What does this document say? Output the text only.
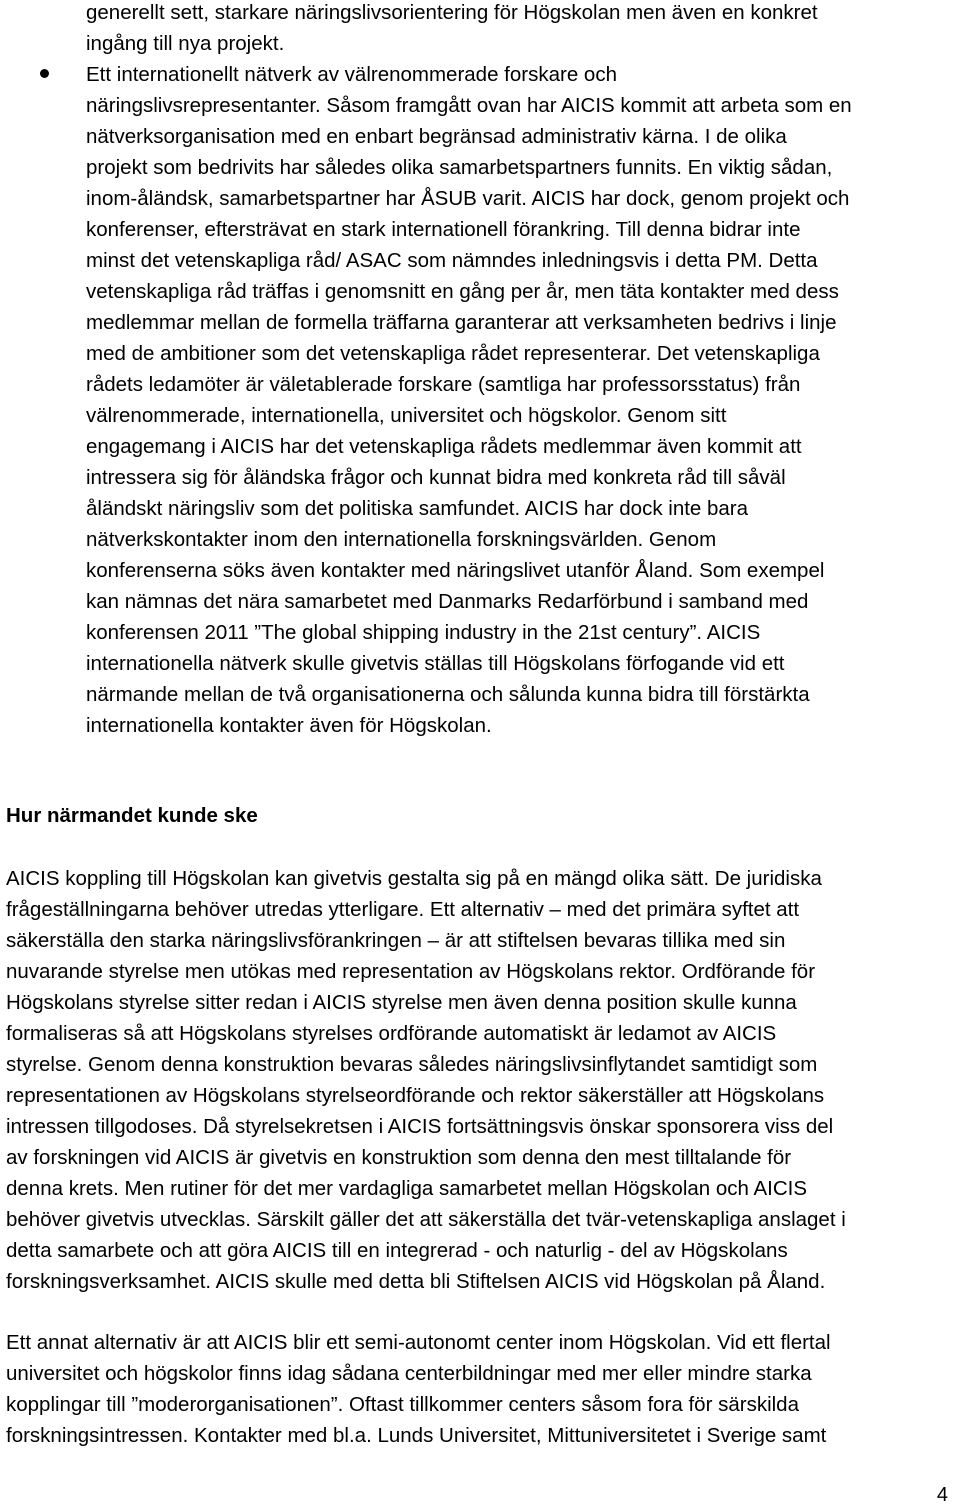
generellt sett, starkare näringslivsorientering för Högskolan men även en konkret
ingång till nya projekt.
Ett internationellt nätverk av välrenommerade forskare och
näringslivsrepresentanter. Såsom framgått ovan har AICIS kommit att arbeta som en
nätverksorganisation med en enbart begränsad administrativ kärna. I de olika
projekt som bedrivits har således olika samarbetspartners funnits. En viktig sådan,
inom-åländsk, samarbetspartner har ÅSUB varit. AICIS har dock, genom projekt och
konferenser, eftersträvat en stark internationell förankring. Till denna bidrar inte
minst det vetenskapliga råd/ ASAC som nämndes inledningsvis i detta PM. Detta
vetenskapliga råd träffas i genomsnitt en gång per år, men täta kontakter med dess
medlemmar mellan de formella träffarna garanterar att verksamheten bedrivs i linje
med de ambitioner som det vetenskapliga rådet representerar. Det vetenskapliga
rådets ledamöter är väletablerade forskare (samtliga har professorsstatus) från
välrenommerade, internationella, universitet och högskolor. Genom sitt
engagemang i AICIS har det vetenskapliga rådets medlemmar även kommit att
intressera sig för åländska frågor och kunnat bidra med konkreta råd till såväl
åländskt näringsliv som det politiska samfundet. AICIS har dock inte bara
nätverkskontakter inom den internationella forskningsvärlden. Genom
konferenserna söks även kontakter med näringslivet utanför Åland. Som exempel
kan nämnas det nära samarbetet med Danmarks Redarförbund i samband med
konferensen 2011 ”The global shipping industry in the 21st century”. AICIS
internationella nätverk skulle givetvis ställas till Högskolans förfogande vid ett
närmande mellan de två organisationerna och sålunda kunna bidra till förstärkta
internationella kontakter även för Högskolan.
Hur närmandet kunde ske
AICIS koppling till Högskolan kan givetvis gestalta sig på en mängd olika sätt. De juridiska
frågeställningarna behöver utredas ytterligare. Ett alternativ – med det primära syftet att
säkerställa den starka näringslivsförankringen – är att stiftelsen bevaras tillika med sin
nuvarande styrelse men utökas med representation av Högskolans rektor. Ordförande för
Högskolans styrelse sitter redan i AICIS styrelse men även denna position skulle kunna
formaliseras så att Högskolans styrelses ordförande automatiskt är ledamot av AICIS
styrelse. Genom denna konstruktion bevaras således näringslivsinflytandet samtidigt som
representationen av Högskolans styrelseordförande och rektor säkerställer att Högskolans
intressen tillgodoses. Då styrelsekretsen i AICIS fortsättningsvis önskar sponsorera viss del
av forskningen vid AICIS är givetvis en konstruktion som denna den mest tilltalande för
denna krets. Men rutiner för det mer vardagliga samarbetet mellan Högskolan och AICIS
behöver givetvis utvecklas. Särskilt gäller det att säkerställa det tvär-vetenskapliga anslaget i
detta samarbete och att göra AICIS till en integrerad - och naturlig - del av Högskolans
forskningsverksamhet. AICIS skulle med detta bli Stiftelsen AICIS vid Högskolan på Åland.
Ett annat alternativ är att AICIS blir ett semi-autonomt center inom Högskolan. Vid ett flertal
universitet och högskolor finns idag sådana centerbildningar med mer eller mindre starka
kopplingar till ”moderorganisationen”. Oftast tillkommer centers såsom fora för särskilda
forskningsintressen. Kontakter med bl.a. Lunds Universitet, Mittuniversitetet i Sverige samt
4
